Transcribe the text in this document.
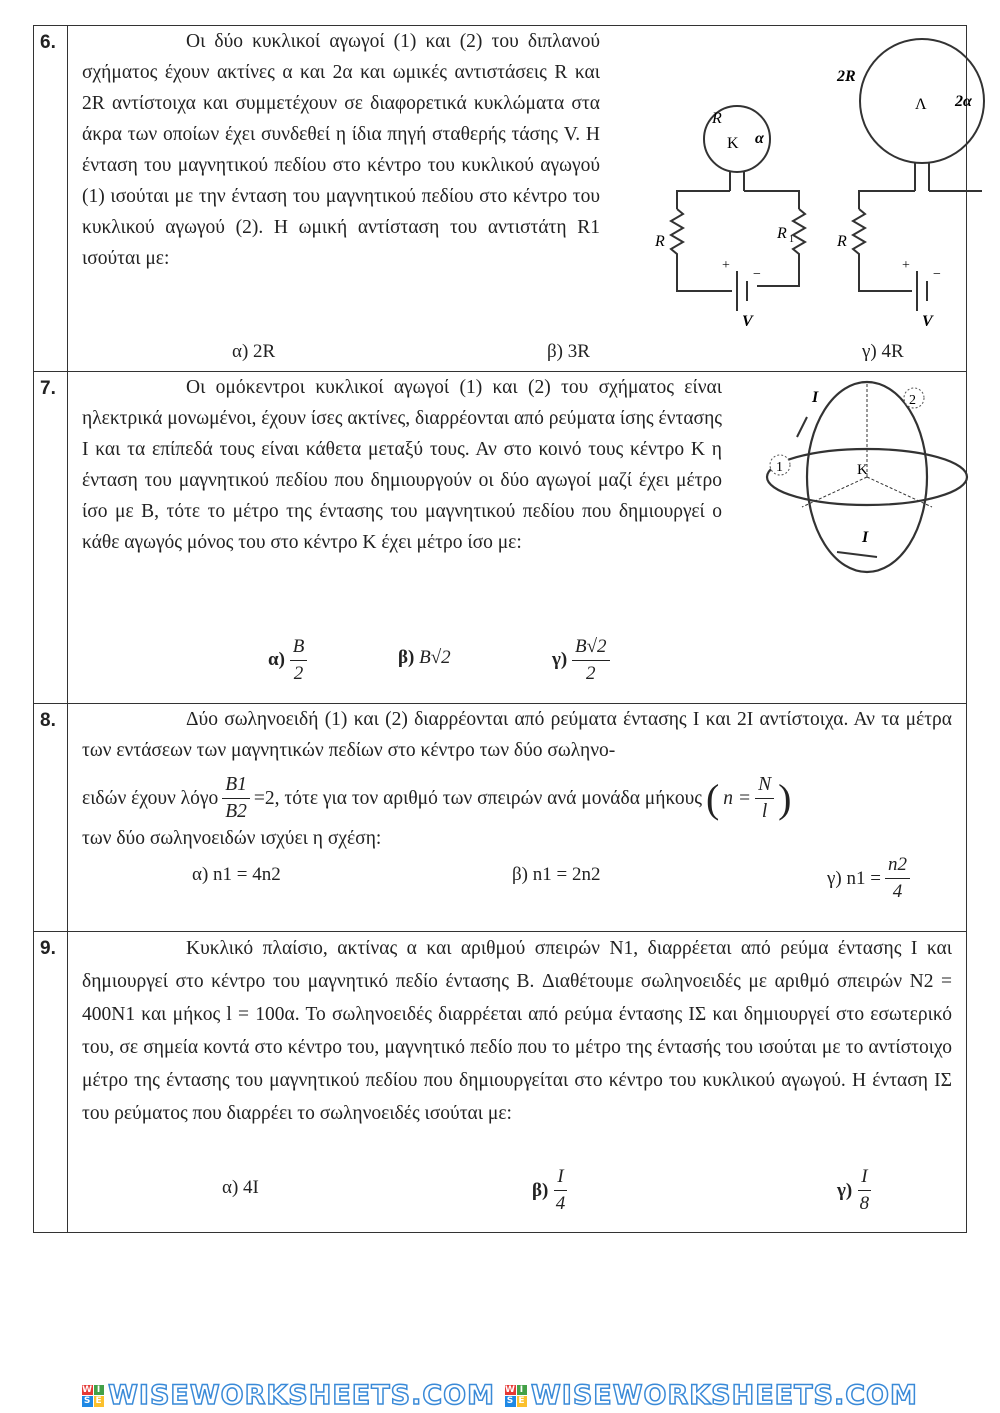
6.	Οι δύο κυκλικοί αγωγοί (1) και (2) του διπλανού σχήματος έχουν ακτίνες α και 2α και ωμικές αντιστάσεις R και 2R αντίστοιχα και συμμετέχουν σε διαφορετικά κυκλώματα στα άκρα των οποίων έχει συνδεθεί η ίδια πηγή σταθερής τάσης V. Η ένταση του μαγνητικού πεδίου στο κέντρο του κυκλικού αγωγού (1) ισούται με την ένταση του μαγνητικού πεδίου στο κέντρο του κυκλικού αγωγού (2). Η ωμική αντίσταση του αντιστάτη R1 ισούται με:

R
K α
R 1
R
V
+
−
2R
Λ 2α
R
V
+
−
α) 2R	β) 3R	γ) 4R
7.	Οι ομόκεντροι κυκλικοί αγωγοί (1) και (2) του σχήματος είναι ηλεκτρικά μονωμένοι, έχουν ίσες ακτίνες, διαρρέονται από ρεύματα ίσης έντασης I και τα επίπεδά τους είναι κάθετα μεταξύ τους. Αν στο κοινό τους κέντρο Κ η ένταση του μαγνητικού πεδίου που δημιουργούν οι δύο αγωγοί μαζί έχει μέτρο ίσο με B, τότε το μέτρο της έντασης του μαγνητικού πεδίου που δημιουργεί ο κάθε αγωγός μόνος του στο κέντρο Κ έχει μέτρο ίσο με:

I
I
1
2
K
$\alpha) \frac{B}{2}$	β) B√2	$\gamma) \frac{B√2}{2}$
8.	Δύο σωληνοειδή (1) και (2) διαρρέονται από ρεύματα έντασης I και 2I αντίστοιχα. Αν τα μέτρα των εντάσεων των μαγνητικών πεδίων στο κέντρο των δύο σωληνο-

ειδών έχουν λόγο $\frac{B1}{B2} =2$, τότε για τον αριθμό των σπειρών ανά μονάδα μήκους ( $n = \frac{N}{l}$ )
των δύο σωληνοειδών ισχύει η σχέση:
α) n1 = 4n2	β) n1 = 2n2	γ) $n1 = \frac{n2}{4}$
9.	Κυκλικό πλαίσιο, ακτίνας α και αριθμού σπειρών N1, διαρρέεται από ρεύμα έντασης I και δημιουργεί στο κέντρο του μαγνητικό πεδίο έντασης B. Διαθέτουμε σωληνοειδές με αριθμό σπειρών N2 = 400N1 και μήκος l = 100α. Το σωληνοειδές διαρρέεται από ρεύμα έντασης IΣ και δημιουργεί στο εσωτερικό του, σε σημεία κοντά στο κέντρο του, μαγνητικό πεδίο που το μέτρο της έντασής του ισούται με το αντίστοιχο μέτρο της έντασης του μαγνητικού πεδίου που δημιουργείται στο κέντρο του κυκλικού αγωγού. Η ένταση IΣ του ρεύματος που διαρρέει το σωληνοειδές ισούται με:

α) 4I	$\beta) \frac{I}{4}$	$\gamma) \frac{I}{8}$
W I
S E WISEWORKSHEETS.COM W I
S E WISEWORKSHEETS.COM
